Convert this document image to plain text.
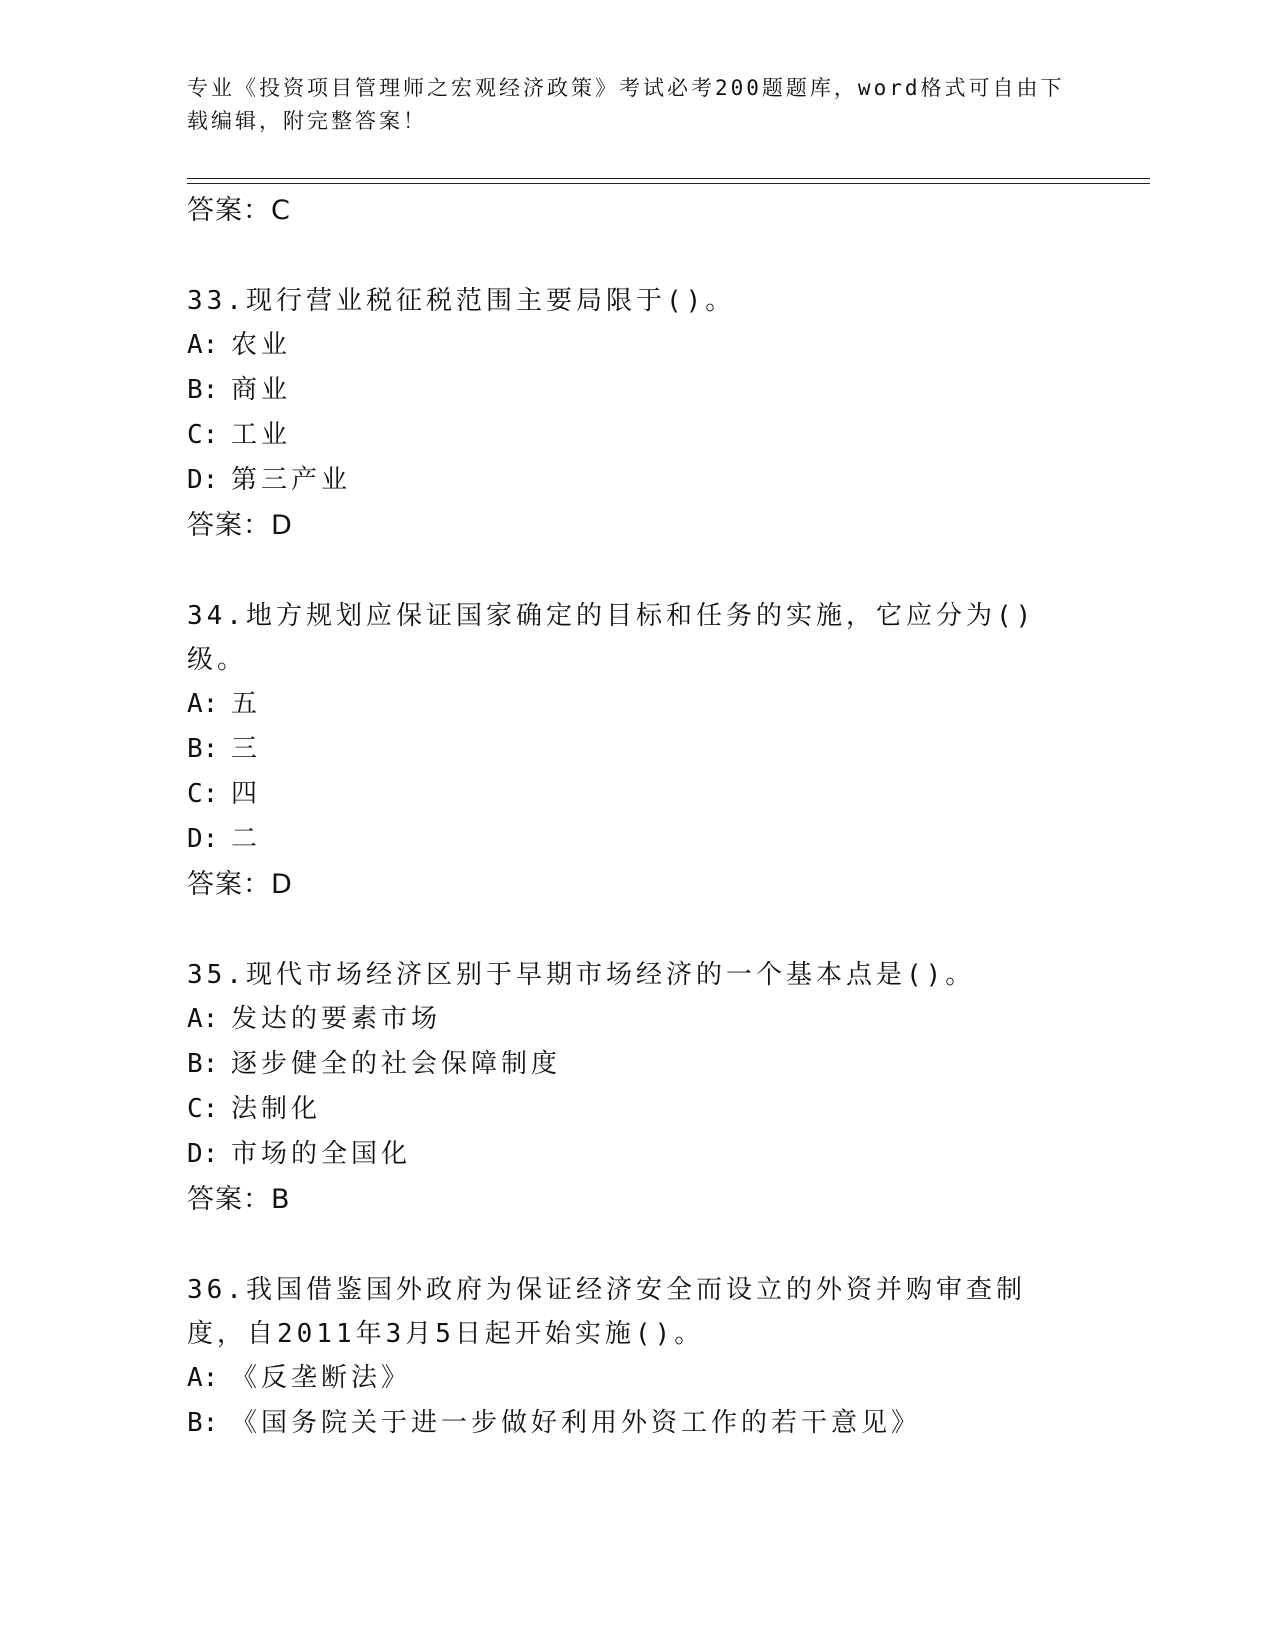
专业《投资项目管理师之宏观经济政策》考试必考200题题库，word格式可自由下载编辑，附完整答案！
答案：C
33.现行营业税征税范围主要局限于()。
A: 农业
B: 商业
C: 工业
D: 第三产业
答案：D
34.地方规划应保证国家确定的目标和任务的实施，它应分为()级。
A: 五
B: 三
C: 四
D: 二
答案：D
35.现代市场经济区别于早期市场经济的一个基本点是()。
A: 发达的要素市场
B: 逐步健全的社会保障制度
C: 法制化
D: 市场的全国化
答案：B
36.我国借鉴国外政府为保证经济安全而设立的外资并购审查制度，自2011年3月5日起开始实施()。
A: 《反垄断法》
B: 《国务院关于进一步做好利用外资工作的若干意见》
